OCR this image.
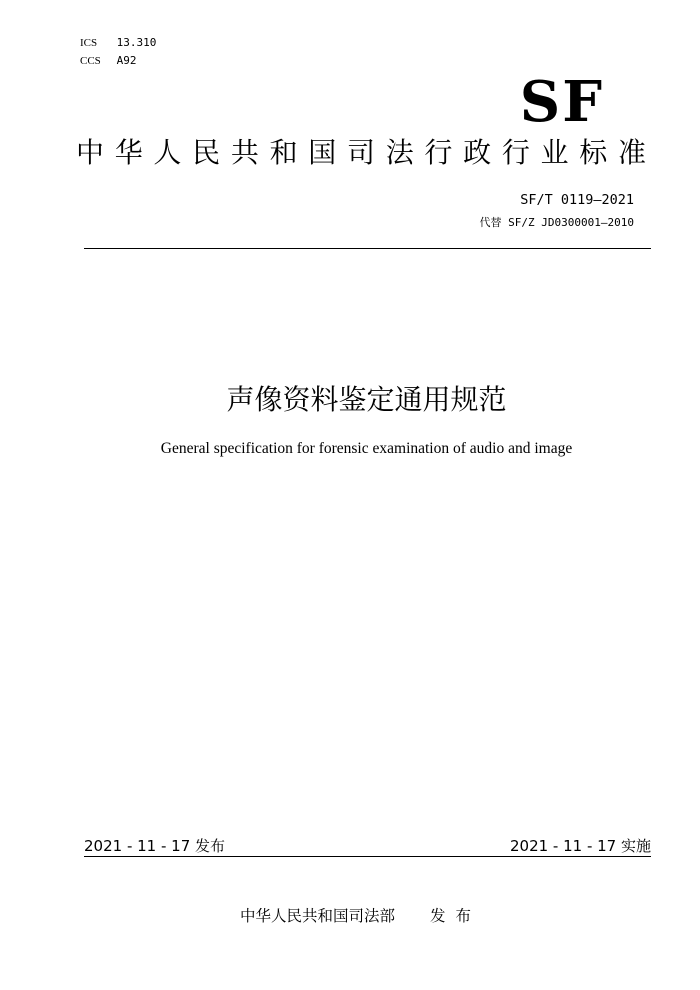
ICS 13.310
CCS A92
SF
中华人民共和国司法行政行业标准
SF/T 0119—2021
代替 SF/Z JD0300001—2010
声像资料鉴定通用规范
General specification for forensic examination of audio and image
2021 - 11 - 17 发布	2021 - 11 - 17 实施
中华人民共和国司法部 发布
